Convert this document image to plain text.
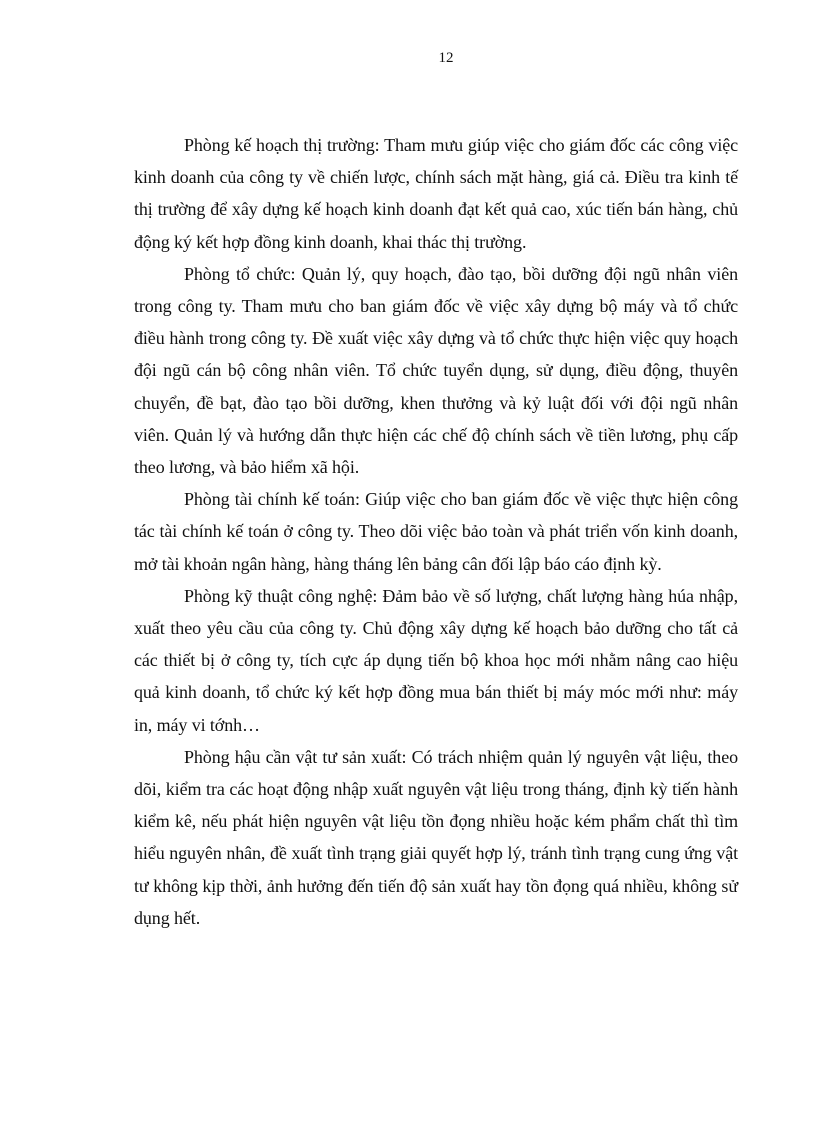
12

Phòng kế hoạch thị trường: Tham mưu giúp việc cho giám đốc các công việc kinh doanh của công ty về chiến lược, chính sách mặt hàng, giá cả. Điều tra kinh tế thị trường để xây dựng kế hoạch kinh doanh đạt kết quả cao, xúc tiến bán hàng, chủ động ký kết hợp đồng kinh doanh, khai thác thị trường.

Phòng tổ chức: Quản lý, quy hoạch, đào tạo, bồi dưỡng đội ngũ nhân viên trong công ty. Tham mưu cho ban giám đốc về việc xây dựng bộ máy và tổ chức điều hành trong công ty. Đề xuất việc xây dựng và tổ chức thực hiện việc quy hoạch đội ngũ cán bộ công nhân viên. Tổ chức tuyển dụng, sử dụng, điều động, thuyên chuyển, đề bạt, đào tạo bồi dưỡng, khen thưởng và kỷ luật đối với đội ngũ nhân viên. Quản lý và hướng dẫn thực hiện các chế độ chính sách về tiền lương, phụ cấp theo lương, và bảo hiểm xã hội.

Phòng tài chính kế toán: Giúp việc cho ban giám đốc về việc thực hiện công tác tài chính kế toán ở công ty. Theo dõi việc bảo toàn và phát triển vốn kinh doanh, mở tài khoản ngân hàng, hàng tháng lên bảng cân đối lập báo cáo định kỳ.

Phòng kỹ thuật công nghệ: Đảm bảo về số lượng, chất lượng hàng húa nhập, xuất theo yêu cầu của công ty. Chủ động xây dựng kế hoạch bảo dưỡng cho tất cả các thiết bị ở công ty, tích cực áp dụng tiến bộ khoa học mới nhằm nâng cao hiệu quả kinh doanh, tổ chức ký kết hợp đồng mua bán thiết bị máy móc mới như: máy in, máy vi tớnh…

Phòng hậu cần vật tư sản xuất: Có trách nhiệm quản lý nguyên vật liệu, theo dõi, kiểm tra các hoạt động nhập xuất nguyên vật liệu trong tháng, định kỳ tiến hành kiểm kê, nếu phát hiện nguyên vật liệu tồn đọng nhiều hoặc kém phẩm chất thì tìm hiểu nguyên nhân, đề xuất tình trạng giải quyết hợp lý, tránh tình trạng cung ứng vật tư không kịp thời, ảnh hưởng đến tiến độ sản xuất hay tồn đọng quá nhiều, không sử dụng hết.
